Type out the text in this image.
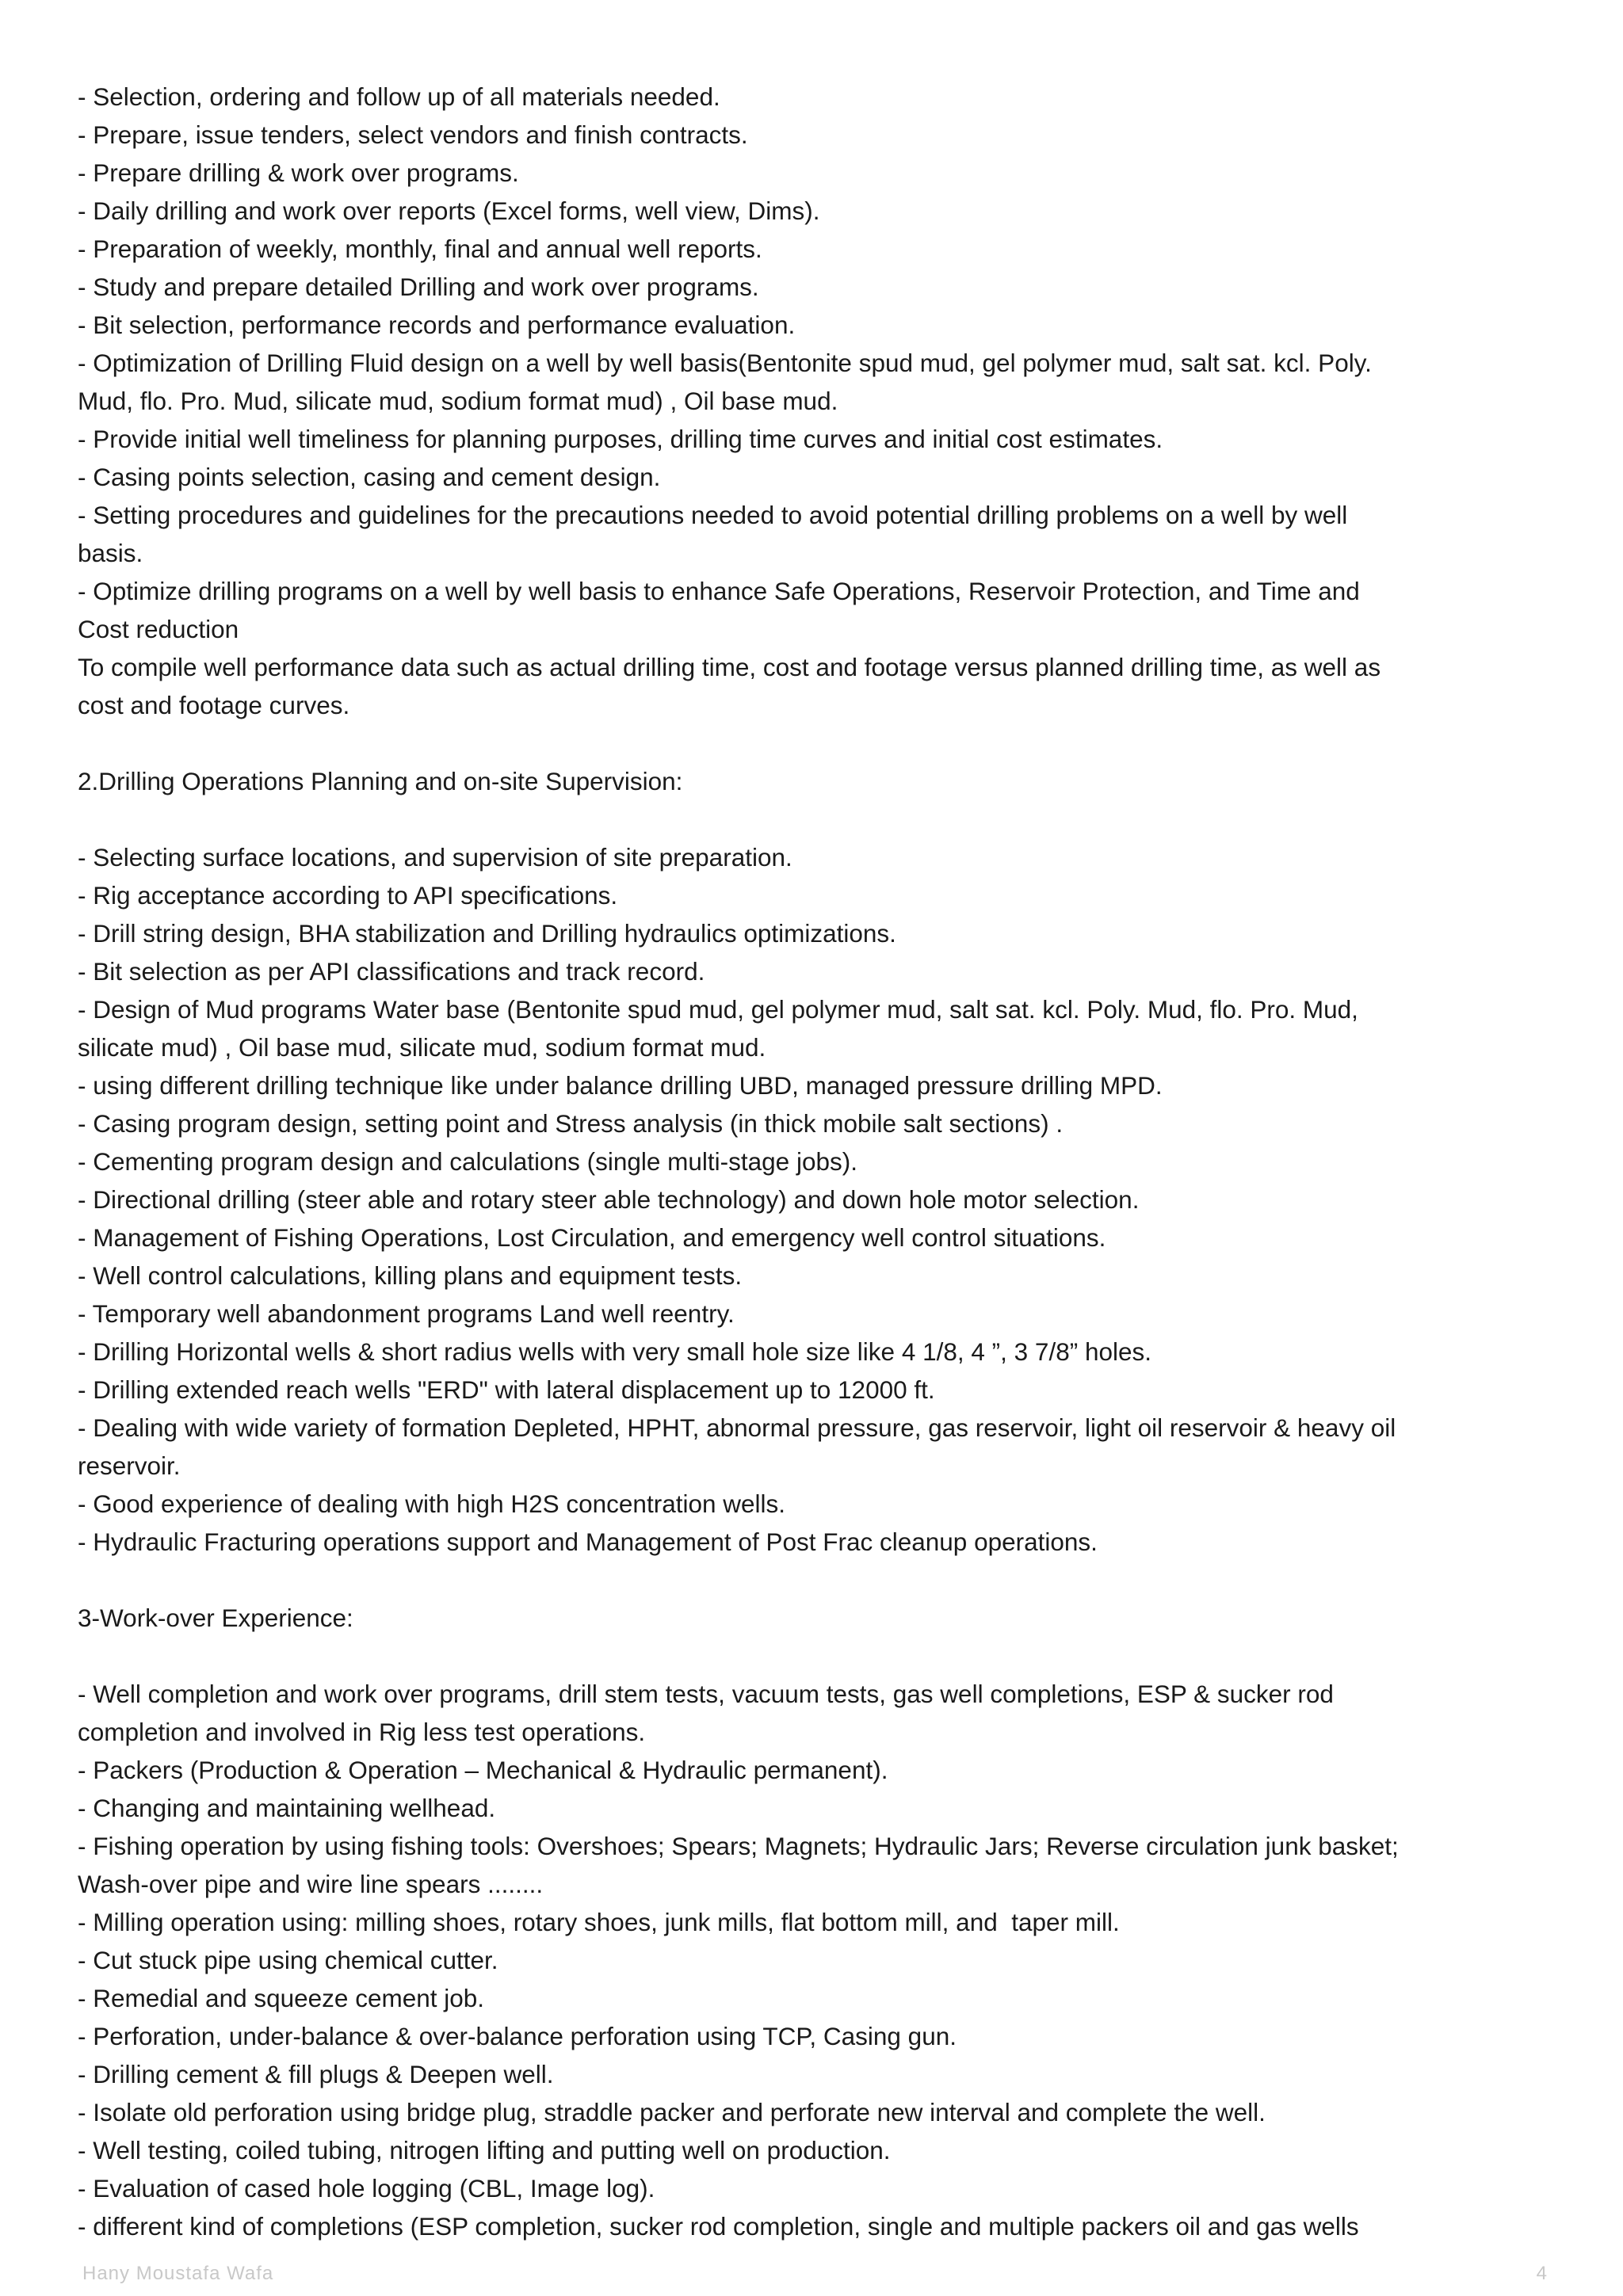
- Selection, ordering and follow up of all materials needed.
- Prepare, issue tenders, select vendors and finish contracts.
- Prepare drilling & work over programs.
- Daily drilling and work over reports (Excel forms, well view, Dims).
- Preparation of weekly, monthly, final and annual well reports.
- Study and prepare detailed Drilling and work over programs.
- Bit selection, performance records and performance evaluation.
- Optimization of Drilling Fluid design on a well by well basis(Bentonite spud mud, gel polymer mud, salt sat. kcl. Poly.
Mud, flo. Pro. Mud, silicate mud, sodium format mud) , Oil base mud.
- Provide initial well timeliness for planning purposes, drilling time curves and initial cost estimates.
- Casing points selection, casing and cement design.
- Setting procedures and guidelines for the precautions needed to avoid potential drilling problems on a well by well
basis.
- Optimize drilling programs on a well by well basis to enhance Safe Operations, Reservoir Protection, and Time and
Cost reduction
To compile well performance data such as actual drilling time, cost and footage versus planned drilling time, as well as
cost and footage curves.
2.Drilling Operations Planning and on-site Supervision:
- Selecting surface locations, and supervision of site preparation.
- Rig acceptance according to API specifications.
- Drill string design, BHA stabilization and Drilling hydraulics optimizations.
- Bit selection as per API classifications and track record.
- Design of Mud programs Water base (Bentonite spud mud, gel polymer mud, salt sat. kcl. Poly. Mud, flo. Pro. Mud,
silicate mud) , Oil base mud, silicate mud, sodium format mud.
- using different drilling technique like under balance drilling UBD, managed pressure drilling MPD.
- Casing program design, setting point and Stress analysis (in thick mobile salt sections) .
- Cementing program design and calculations (single multi-stage jobs).
- Directional drilling (steer able and rotary steer able technology) and down hole motor selection.
- Management of Fishing Operations, Lost Circulation, and emergency well control situations.
- Well control calculations, killing plans and equipment tests.
- Temporary well abandonment programs Land well reentry.
- Drilling Horizontal wells & short radius wells with very small hole size like 4 1/8, 4 ”, 3 7/8” holes.
- Drilling extended reach wells "ERD" with lateral displacement up to 12000 ft.
- Dealing with wide variety of formation Depleted, HPHT, abnormal pressure, gas reservoir, light oil reservoir & heavy oil
reservoir.
- Good experience of dealing with high H2S concentration wells.
- Hydraulic Fracturing operations support and Management of Post Frac cleanup operations.
3-Work-over Experience:
- Well completion and work over programs, drill stem tests, vacuum tests, gas well completions, ESP & sucker rod
completion and involved in Rig less test operations.
- Packers (Production & Operation – Mechanical & Hydraulic permanent).
- Changing and maintaining wellhead.
- Fishing operation by using fishing tools: Overshoes; Spears; Magnets; Hydraulic Jars; Reverse circulation junk basket;
Wash-over pipe and wire line spears ........
- Milling operation using: milling shoes, rotary shoes, junk mills, flat bottom mill, and  taper mill.
- Cut stuck pipe using chemical cutter.
- Remedial and squeeze cement job.
- Perforation, under-balance & over-balance perforation using TCP, Casing gun.
- Drilling cement & fill plugs & Deepen well.
- Isolate old perforation using bridge plug, straddle packer and perforate new interval and complete the well.
- Well testing, coiled tubing, nitrogen lifting and putting well on production.
- Evaluation of cased hole logging (CBL, Image log).
- different kind of completions (ESP completion, sucker rod completion, single and multiple packers oil and gas wells
Hany Moustafa Wafa	4
